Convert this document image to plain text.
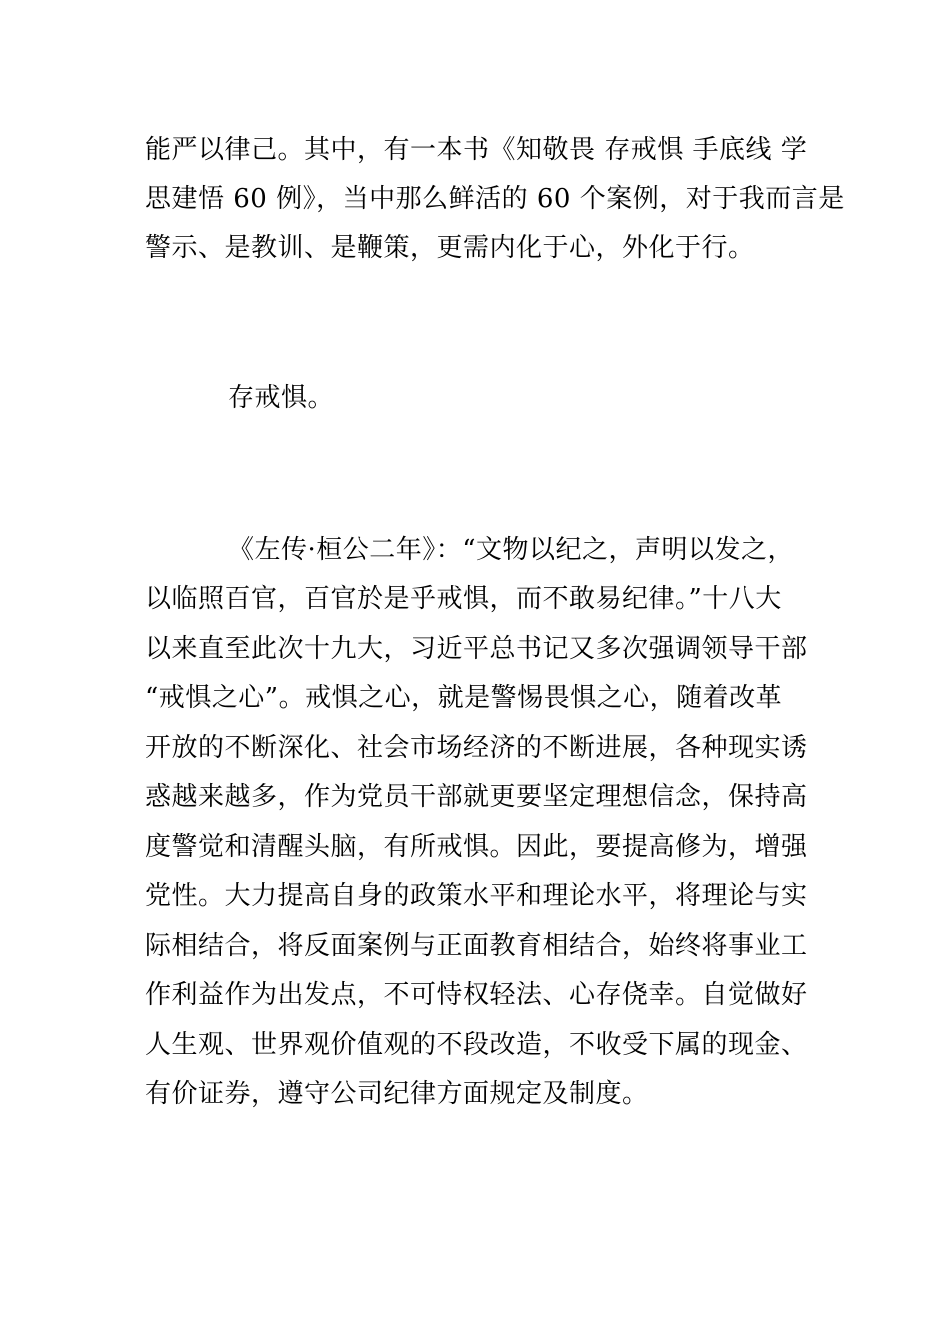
能严以律己。其中，有一本书《知敬畏 存戒惧 手底线 学
思建悟 60 例》，当中那么鲜活的 60 个案例，对于我而言是
警示、是教训、是鞭策，更需内化于心，外化于行。
存戒惧。
《左传·桓公二年》：“文物以纪之，声明以发之，
以临照百官，百官於是乎戒惧，而不敢易纪律。”十八大
以来直至此次十九大，习近平总书记又多次强调领导干部
“戒惧之心”。戒惧之心，就是警惕畏惧之心，随着改革
开放的不断深化、社会市场经济的不断进展，各种现实诱
惑越来越多，作为党员干部就更要坚定理想信念，保持高
度警觉和清醒头脑，有所戒惧。因此，要提高修为，增强
党性。大力提高自身的政策水平和理论水平，将理论与实
际相结合，将反面案例与正面教育相结合，始终将事业工
作利益作为出发点，不可恃权轻法、心存侥幸。自觉做好
人生观、世界观价值观的不段改造，不收受下属的现金、
有价证券，遵守公司纪律方面规定及制度。
